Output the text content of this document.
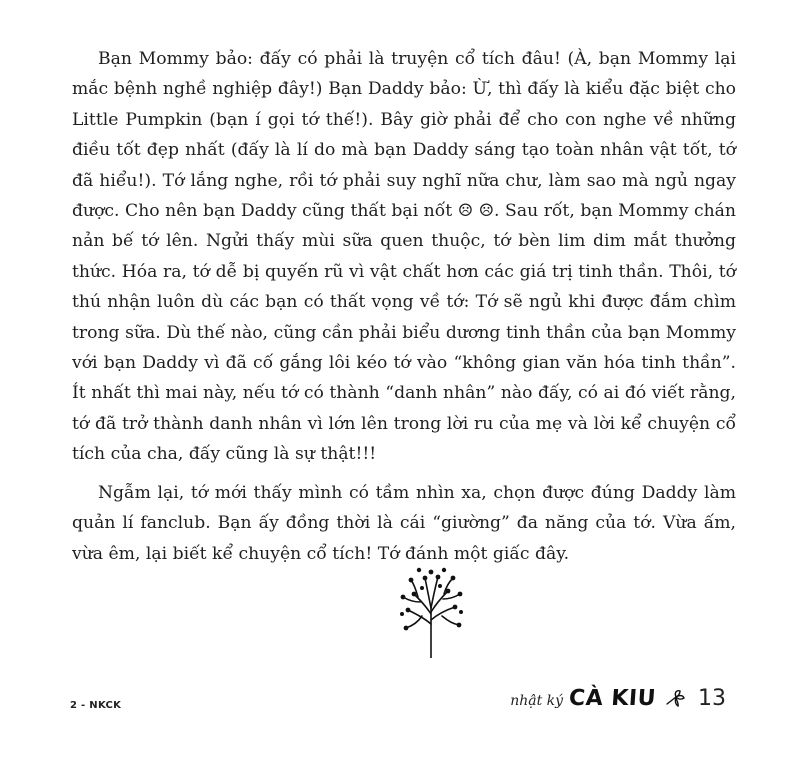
Bạn Mommy bảo: đấy có phải là truyện cổ tích đâu! (À, bạn Mommy lại mắc bệnh nghề nghiệp đây!) Bạn Daddy bảo: Ừ, thì đấy là kiểu đặc biệt cho Little Pumpkin (bạn í gọi tớ thế!). Bây giờ phải để cho con nghe về những điều tốt đẹp nhất (đấy là lí do mà bạn Daddy sáng tạo toàn nhân vật tốt, tớ đã hiểu!). Tớ lắng nghe, rồi tớ phải suy nghĩ nữa chư, làm sao mà ngủ ngay được. Cho nên bạn Daddy cũng thất bại nốt ☹ ☹. Sau rốt, bạn Mommy chán nản bế tớ lên. Ngửi thấy mùi sữa quen thuộc, tớ bèn lim dim mắt thưởng thức. Hóa ra, tớ dễ bị quyến rũ vì vật chất hơn các giá trị tinh thần. Thôi, tớ thú nhận luôn dù các bạn có thất vọng về tớ: Tớ sẽ ngủ khi được đắm chìm trong sữa. Dù thế nào, cũng cần phải biểu dương tinh thần của bạn Mommy với bạn Daddy vì đã cố gắng lôi kéo tớ vào “không gian văn hóa tinh thần”. Ít nhất thì mai này, nếu tớ có thành “danh nhân” nào đấy, có ai đó viết rằng, tớ đã trở thành danh nhân vì lớn lên trong lời ru của mẹ và lời kể chuyện cổ tích của cha, đấy cũng là sự thật!!!

Ngẫm lại, tớ mới thấy mình có tầm nhìn xa, chọn được đúng Daddy làm quản lí fanclub. Bạn ấy đồng thời là cái “giường” đa năng của tớ. Vừa ấm, vừa êm, lại biết kể chuyện cổ tích! Tớ đánh một giấc đây.

2 - NKCK	nhật ký CÀ KIU 13
